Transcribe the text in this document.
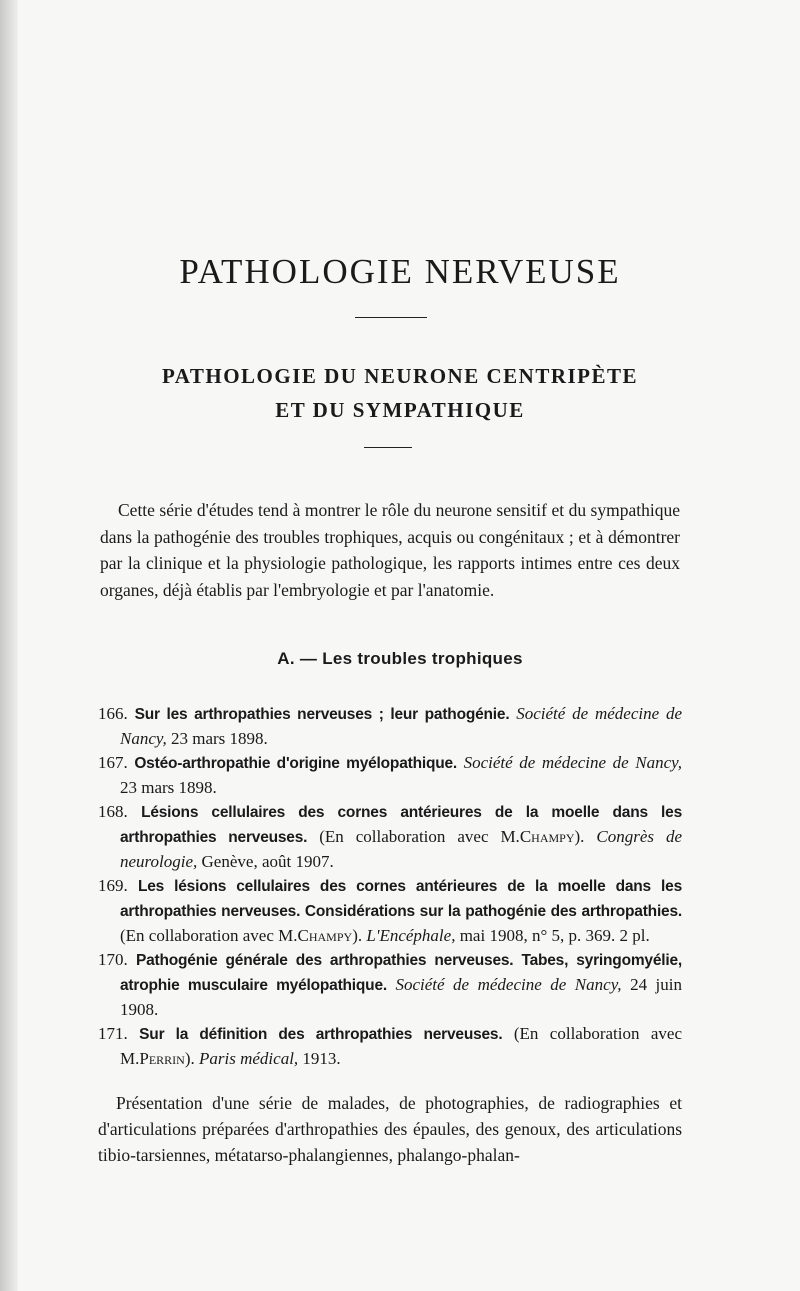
PATHOLOGIE NERVEUSE
PATHOLOGIE DU NEURONE CENTRIPÈTE
ET DU SYMPATHIQUE

Cette série d'études tend à montrer le rôle du neurone sensitif et du sympathique dans la pathogénie des troubles trophiques, acquis ou congénitaux ; et à démontrer par la clinique et la physiologie pathologique, les rapports intimes entre ces deux organes, déjà établis par l'embryologie et par l'anatomie.

A. — Les troubles trophiques
166. Sur les arthropathies nerveuses ; leur pathogénie. Société de médecine de Nancy, 23 mars 1898.
167. Ostéo-arthropathie d'origine myélopathique. Société de médecine de Nancy, 23 mars 1898.
168. Lésions cellulaires des cornes antérieures de la moelle dans les arthropathies nerveuses. (En collaboration avec M.Champy). Congrès de neurologie, Genève, août 1907.
169. Les lésions cellulaires des cornes antérieures de la moelle dans les arthropathies nerveuses. Considérations sur la pathogénie des arthropathies. (En collaboration avec M.Champy). L'Encéphale, mai 1908, n° 5, p. 369. 2 pl.
170. Pathogénie générale des arthropathies nerveuses. Tabes, syringomyélie, atrophie musculaire myélopathique. Société de médecine de Nancy, 24 juin 1908.
171. Sur la définition des arthropathies nerveuses. (En collaboration avec M.Perrin). Paris médical, 1913.

Présentation d'une série de malades, de photographies, de radiographies et d'articulations préparées d'arthropathies des épaules, des genoux, des articulations tibio-tarsiennes, métatarso-phalangiennes, phalango-phalan-
